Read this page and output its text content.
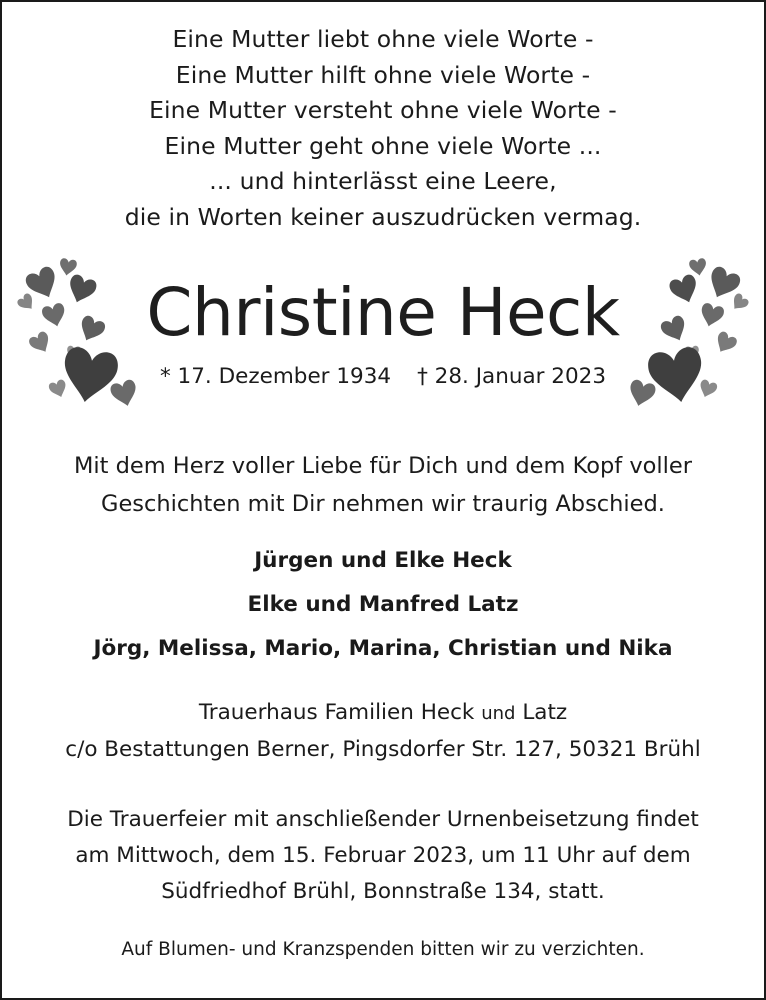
Eine Mutter liebt ohne viele Worte -
Eine Mutter hilft ohne viele Worte -
Eine Mutter versteht ohne viele Worte -
Eine Mutter geht ohne viele Worte ...
... und hinterlässt eine Leere,
die in Worten keiner auszudrücken vermag.
Christine Heck
* 17. Dezember 1934 † 28. Januar 2023
Mit dem Herz voller Liebe für Dich und dem Kopf voller
Geschichten mit Dir nehmen wir traurig Abschied.
Jürgen und Elke Heck
Elke und Manfred Latz
Jörg, Melissa, Mario, Marina, Christian und Nika
Trauerhaus Familien Heck und Latz
c/o Bestattungen Berner, Pingsdorfer Str. 127, 50321 Brühl
Die Trauerfeier mit anschließender Urnenbeisetzung findet
am Mittwoch, dem 15. Februar 2023, um 11 Uhr auf dem
Südfriedhof Brühl, Bonnstraße 134, statt.
Auf Blumen- und Kranzspenden bitten wir zu verzichten.
